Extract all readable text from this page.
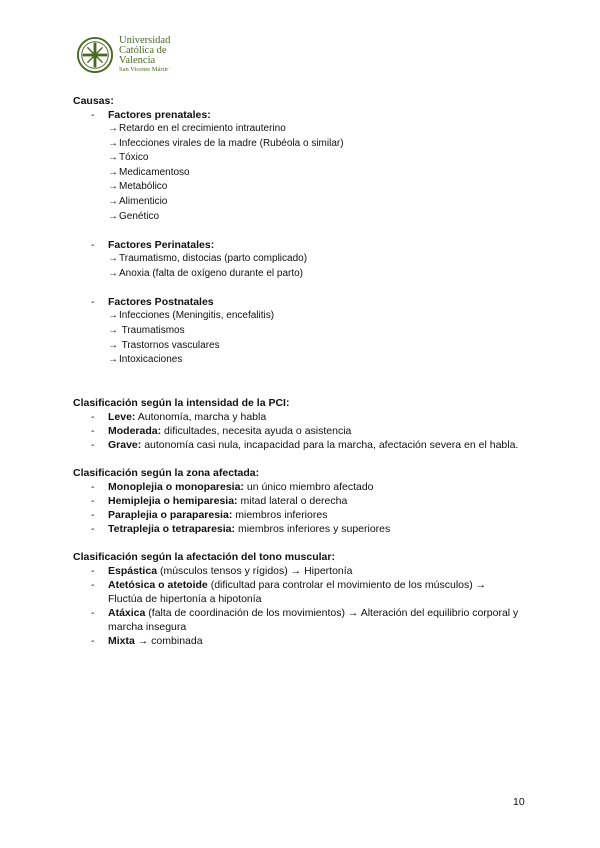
Universidad
Católica de
Valencia
San Vicente Mártir
Causas:
- Factores prenatales:
→Retardo en el crecimiento intrauterino
→Infecciones virales de la madre (Rubéola o similar)
→Tóxico
→Medicamentoso
→Metabólico
→Alimenticio
→Genético
- Factores Perinatales:
→Traumatismo, distocias (parto complicado)
→Anoxia (falta de oxígeno durante el parto)
- Factores Postnatales
→Infecciones (Meningitis, encefalitis)
→ Traumatismos
→ Trastornos vasculares
→Intoxicaciones
Clasificación según la intensidad de la PCI:
- Leve: Autonomía, marcha y habla
- Moderada: dificultades, necesita ayuda o asistencia
- Grave: autonomía casi nula, incapacidad para la marcha, afectación severa en el habla.
Clasificación según la zona afectada:
- Monoplejia o monoparesia: un único miembro afectado
- Hemiplejia o hemiparesia: mitad lateral o derecha
- Paraplejia o paraparesia: miembros inferiores
- Tetraplejia o tetraparesia: miembros inferiores y superiores
Clasificación según la afectación del tono muscular:
- Espástica (músculos tensos y rígidos) → Hipertonía
- Atetósica o atetoide (dificultad para controlar el movimiento de los músculos) → Fluctúa de hipertonía a hipotonía
- Atáxica (falta de coordinación de los movimientos) → Alteración del equilibrio corporal y marcha insegura
- Mixta → combinada
10
